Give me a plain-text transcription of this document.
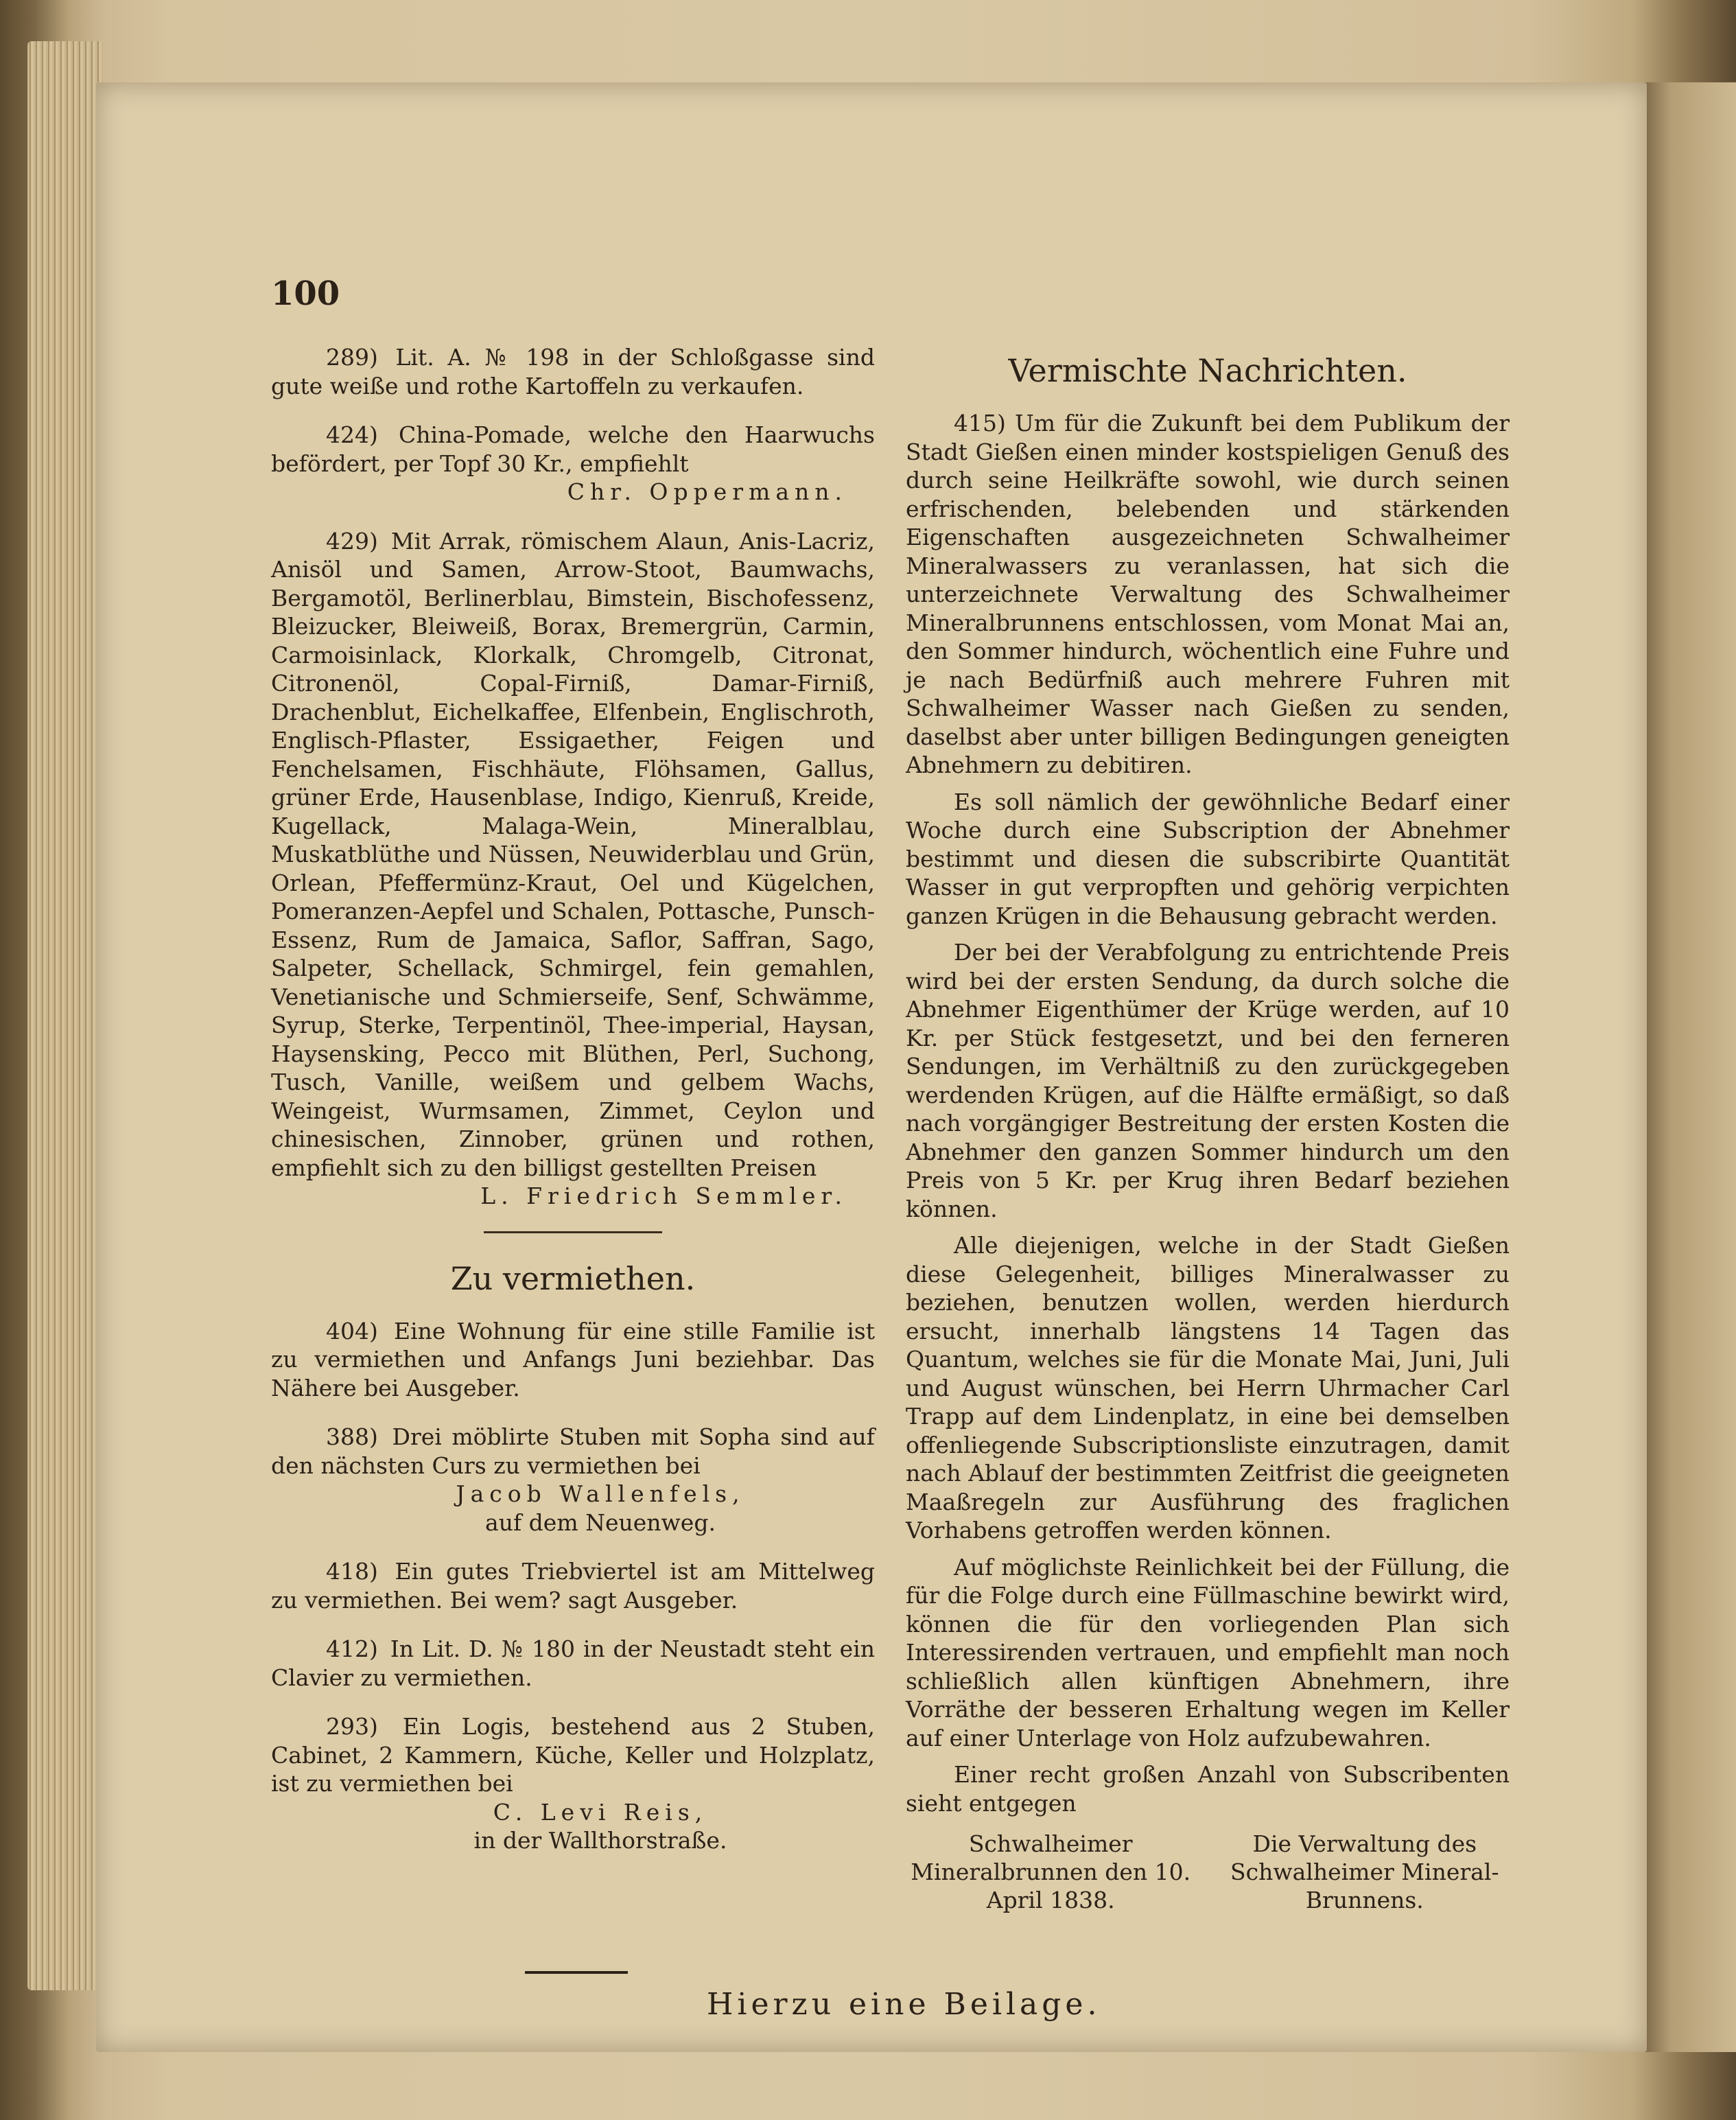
100

289) Lit. A. № 198 in der Schloßgasse sind gute weiße und rothe Kartoffeln zu verkaufen.

424) China-Pomade, welche den Haarwuchs befördert, per Topf 30 Kr., empfiehlt

Chr. Oppermann.

429) Mit Arrak, römischem Alaun, Anis-Lacriz, Anisöl und Samen, Arrow-Stoot, Baumwachs, Bergamotöl, Berlinerblau, Bimstein, Bischofessenz, Bleizucker, Bleiweiß, Borax, Bremergrün, Carmin, Carmoisinlack, Klorkalk, Chromgelb, Citronat, Citronenöl, Copal-Firniß, Damar-Firniß, Drachenblut, Eichelkaffee, Elfenbein, Englischroth, Englisch-Pflaster, Essigaether, Feigen und Fenchelsamen, Fischhäute, Flöhsamen, Gallus, grüner Erde, Hausenblase, Indigo, Kienruß, Kreide, Kugellack, Malaga-Wein, Mineralblau, Muskatblüthe und Nüssen, Neuwiderblau und Grün, Orlean, Pfeffermünz-Kraut, Oel und Kügelchen, Pomeranzen-Aepfel und Schalen, Pottasche, Punsch-Essenz, Rum de Jamaica, Saflor, Saffran, Sago, Salpeter, Schellack, Schmirgel, fein gemahlen, Venetianische und Schmierseife, Senf, Schwämme, Syrup, Sterke, Terpentinöl, Thee-imperial, Haysan, Haysensking, Pecco mit Blüthen, Perl, Suchong, Tusch, Vanille, weißem und gelbem Wachs, Weingeist, Wurmsamen, Zimmet, Ceylon und chinesischen, Zinnober, grünen und rothen, empfiehlt sich zu den billigst gestellten Preisen

L. Friedrich Semmler.

Zu vermiethen.

404) Eine Wohnung für eine stille Familie ist zu vermiethen und Anfangs Juni beziehbar. Das Nähere bei Ausgeber.

388) Drei möblirte Stuben mit Sopha sind auf den nächsten Curs zu vermiethen bei

Jacob Wallenfels,

auf dem Neuenweg.

418) Ein gutes Triebviertel ist am Mittelweg zu vermiethen. Bei wem? sagt Ausgeber.

412) In Lit. D. № 180 in der Neustadt steht ein Clavier zu vermiethen.

293) Ein Logis, bestehend aus 2 Stuben, Cabinet, 2 Kammern, Küche, Keller und Holzplatz, ist zu vermiethen bei

C. Levi Reis,

in der Wallthorstraße.

Vermischte Nachrichten.

415) Um für die Zukunft bei dem Publikum der Stadt Gießen einen minder kostspieligen Genuß des durch seine Heilkräfte sowohl, wie durch seinen erfrischenden, belebenden und stärkenden Eigenschaften ausgezeichneten Schwalheimer Mineralwassers zu veranlassen, hat sich die unterzeichnete Verwaltung des Schwalheimer Mineralbrunnens entschlossen, vom Monat Mai an, den Sommer hindurch, wöchentlich eine Fuhre und je nach Bedürfniß auch mehrere Fuhren mit Schwalheimer Wasser nach Gießen zu senden, daselbst aber unter billigen Bedingungen geneigten Abnehmern zu debitiren.

Es soll nämlich der gewöhnliche Bedarf einer Woche durch eine Subscription der Abnehmer bestimmt und diesen die subscribirte Quantität Wasser in gut verpropften und gehörig verpichten ganzen Krügen in die Behausung gebracht werden.

Der bei der Verabfolgung zu entrichtende Preis wird bei der ersten Sendung, da durch solche die Abnehmer Eigenthümer der Krüge werden, auf 10 Kr. per Stück festgesetzt, und bei den ferneren Sendungen, im Verhältniß zu den zurückgegeben werdenden Krügen, auf die Hälfte ermäßigt, so daß nach vorgängiger Bestreitung der ersten Kosten die Abnehmer den ganzen Sommer hindurch um den Preis von 5 Kr. per Krug ihren Bedarf beziehen können.

Alle diejenigen, welche in der Stadt Gießen diese Gelegenheit, billiges Mineralwasser zu beziehen, benutzen wollen, werden hierdurch ersucht, innerhalb längstens 14 Tagen das Quantum, welches sie für die Monate Mai, Juni, Juli und August wünschen, bei Herrn Uhrmacher Carl Trapp auf dem Lindenplatz, in eine bei demselben offenliegende Subscriptionsliste einzutragen, damit nach Ablauf der bestimmten Zeitfrist die geeigneten Maaßregeln zur Ausführung des fraglichen Vorhabens getroffen werden können.

Auf möglichste Reinlichkeit bei der Füllung, die für die Folge durch eine Füllmaschine bewirkt wird, können die für den vorliegenden Plan sich Interessirenden vertrauen, und empfiehlt man noch schließlich allen künftigen Abnehmern, ihre Vorräthe der besseren Erhaltung wegen im Keller auf einer Unterlage von Holz aufzubewahren.

Einer recht großen Anzahl von Subscribenten sieht entgegen

Schwalheimer Mineralbrunnen den 10. April 1838.
Die Verwaltung des Schwalheimer Mineral-Brunnens.
Hierzu eine Beilage.
